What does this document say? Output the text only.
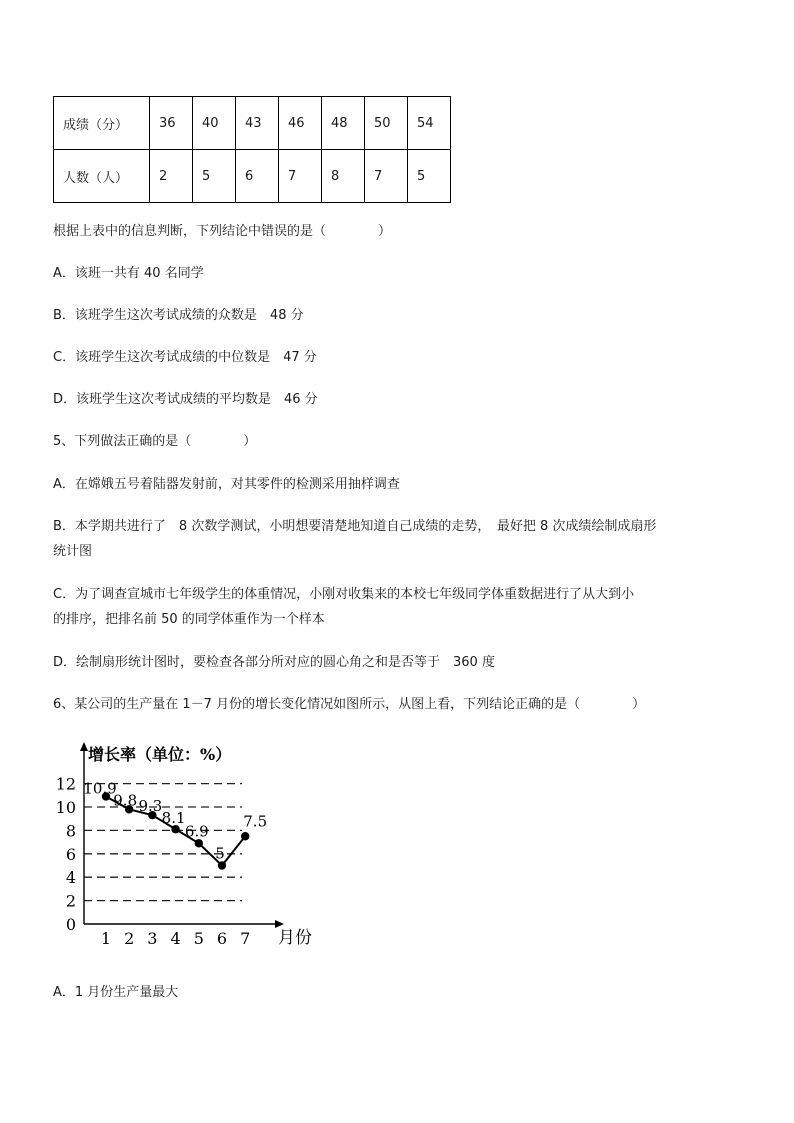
成绩（分）	36	40	43	46	48	50	54
人数（人）	2	5	6	7	8	7	5
根据上表中的信息判断，下列结论中错误的是（　　　　）
A．该班一共有 40 名同学
B．该班学生这次考试成绩的众数是　48 分
C．该班学生这次考试成绩的中位数是　47 分
D．该班学生这次考试成绩的平均数是　46 分
5、下列做法正确的是（　　　　）
A．在嫦娥五号着陆器发射前，对其零件的检测采用抽样调查
B．本学期共进行了　8 次数学测试，小明想要清楚地知道自己成绩的走势，　最好把 8 次成绩绘制成扇形
统计图
C．为了调查宣城市七年级学生的体重情况，小刚对收集来的本校七年级同学体重数据进行了从大到小
的排序，把排名前 50 的同学体重作为一个样本
D．绘制扇形统计图时，要检查各部分所对应的圆心角之和是否等于　360 度
6、某公司的生产量在 1－7 月份的增长变化情况如图所示，从图上看，下列结论正确的是（　　　　）
增长率（单位：%）
月份
0
2
4
6
8
10
12
1 2 3 4 5 6 7
10.9
9.8 9.3
8.1
6.9
5
7.5
A．1 月份生产量最大
